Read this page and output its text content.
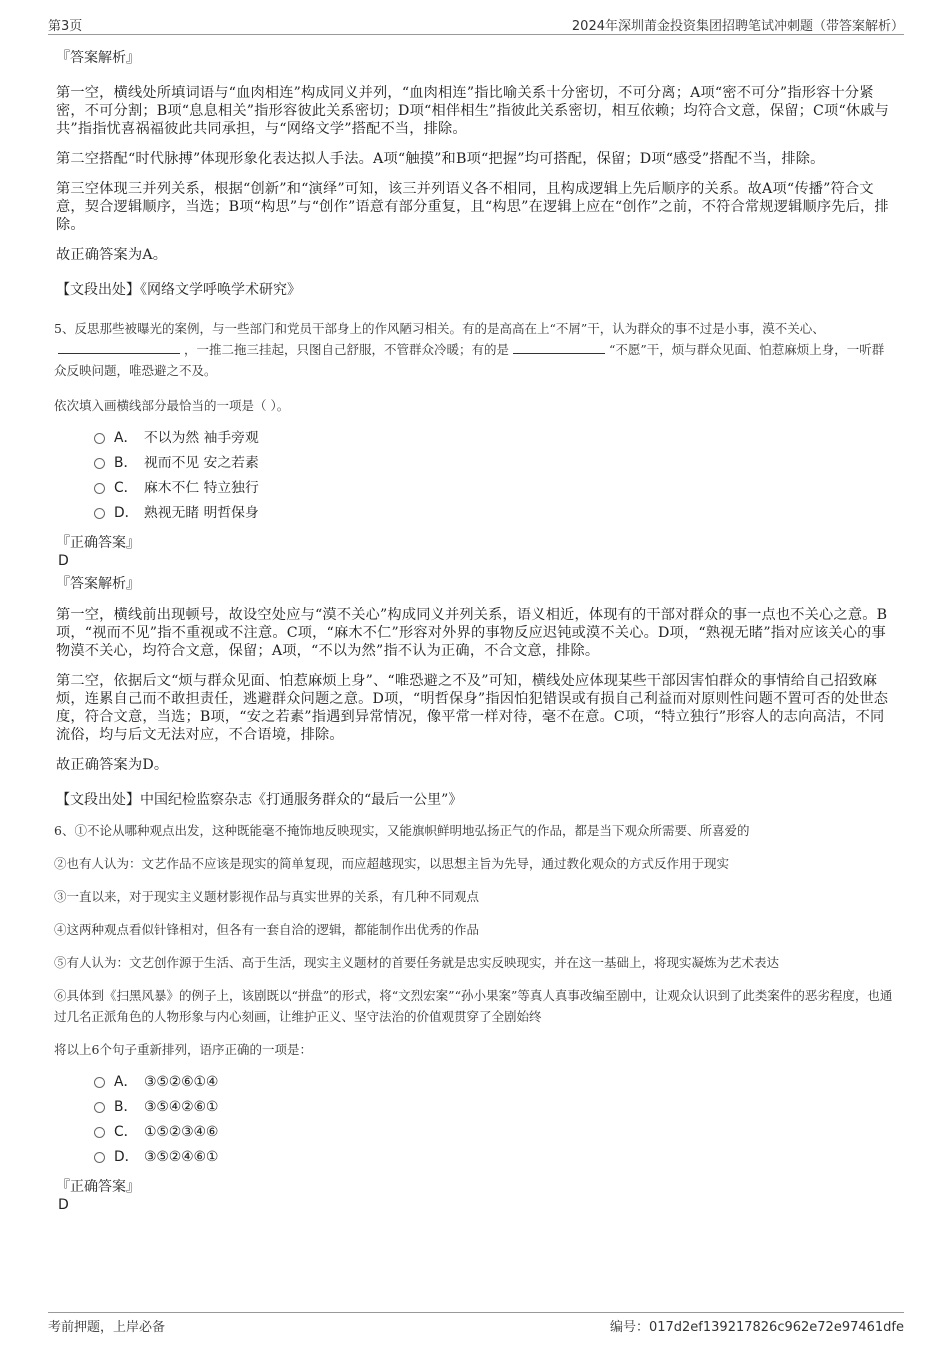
第3页	2024年深圳莆金投资集团招聘笔试冲刺题（带答案解析）
『答案解析』

第一空，横线处所填词语与“血肉相连”构成同义并列，“血肉相连”指比喻关系十分密切，不可分离；A项“密不可分”指形容十分紧密，不可分割；B项“息息相关”指形容彼此关系密切；D项“相伴相生”指彼此关系密切，相互依赖；均符合文意，保留；C项“休戚与共”指指忧喜祸福彼此共同承担，与“网络文学”搭配不当，排除。

第二空搭配“时代脉搏”体现形象化表达拟人手法。A项“触摸”和B项“把握”均可搭配，保留；D项“感受”搭配不当，排除。

第三空体现三并列关系，根据“创新”和“演绎”可知，该三并列语义各不相同，且构成逻辑上先后顺序的关系。故A项“传播”符合文意，契合逻辑顺序，当选；B项“构思”与“创作”语意有部分重复，且“构思”在逻辑上应在“创作”之前，不符合常规逻辑顺序先后，排除。

故正确答案为A。

【文段出处】《网络文学呼唤学术研究》

5、反思那些被曝光的案例，与一些部门和党员干部身上的作风陋习相关。有的是高高在上“不屑”干，认为群众的事不过是小事，漠不关心、，一推二拖三挂起，只图自己舒服，不管群众冷暖；有的是	“不愿”干，烦与群众见面、怕惹麻烦上身，一听群众反映问题，唯恐避之不及。

依次填入画横线部分最恰当的一项是（ ）。

A． 不以为然 袖手旁观
B． 视而不见 安之若素
C． 麻木不仁 特立独行
D． 熟视无睹 明哲保身
『正确答案』
D
『答案解析』

第一空，横线前出现顿号，故设空处应与“漠不关心”构成同义并列关系，语义相近，体现有的干部对群众的事一点也不关心之意。B项，“视而不见”指不重视或不注意。C项，“麻木不仁”形容对外界的事物反应迟钝或漠不关心。D项，“熟视无睹”指对应该关心的事物漠不关心，均符合文意，保留；A项，“不以为然”指不认为正确，不合文意，排除。

第二空，依据后文“烦与群众见面、怕惹麻烦上身”、“唯恐避之不及”可知，横线处应体现某些干部因害怕群众的事情给自己招致麻烦，连累自己而不敢担责任，逃避群众问题之意。D项，“明哲保身”指因怕犯错误或有损自己利益而对原则性问题不置可否的处世态度，符合文意，当选；B项，“安之若素”指遇到异常情况，像平常一样对待，毫不在意。C项，“特立独行”形容人的志向高洁，不同流俗，均与后文无法对应，不合语境，排除。

故正确答案为D。

【文段出处】中国纪检监察杂志《打通服务群众的“最后一公里”》

6、①不论从哪种观点出发，这种既能毫不掩饰地反映现实，又能旗帜鲜明地弘扬正气的作品，都是当下观众所需要、所喜爱的

②也有人认为：文艺作品不应该是现实的简单复现，而应超越现实，以思想主旨为先导，通过教化观众的方式反作用于现实

③一直以来，对于现实主义题材影视作品与真实世界的关系，有几种不同观点

④这两种观点看似针锋相对，但各有一套自洽的逻辑，都能制作出优秀的作品

⑤有人认为：文艺创作源于生活、高于生活，现实主义题材的首要任务就是忠实反映现实，并在这一基础上，将现实凝炼为艺术表达

⑥具体到《扫黑风暴》的例子上，该剧既以“拼盘”的形式，将“文烈宏案”“孙小果案”等真人真事改编至剧中，让观众认识到了此类案件的恶劣程度，也通过几名正派角色的人物形象与内心刻画，让维护正义、坚守法治的价值观贯穿了全剧始终

将以上6个句子重新排列，语序正确的一项是：

A． ③⑤②⑥①④
B． ③⑤④②⑥①
C． ①⑤②③④⑥
D． ③⑤②④⑥①
『正确答案』
D
考前押题，上岸必备	编号：017d2ef139217826c962e72e97461dfe
